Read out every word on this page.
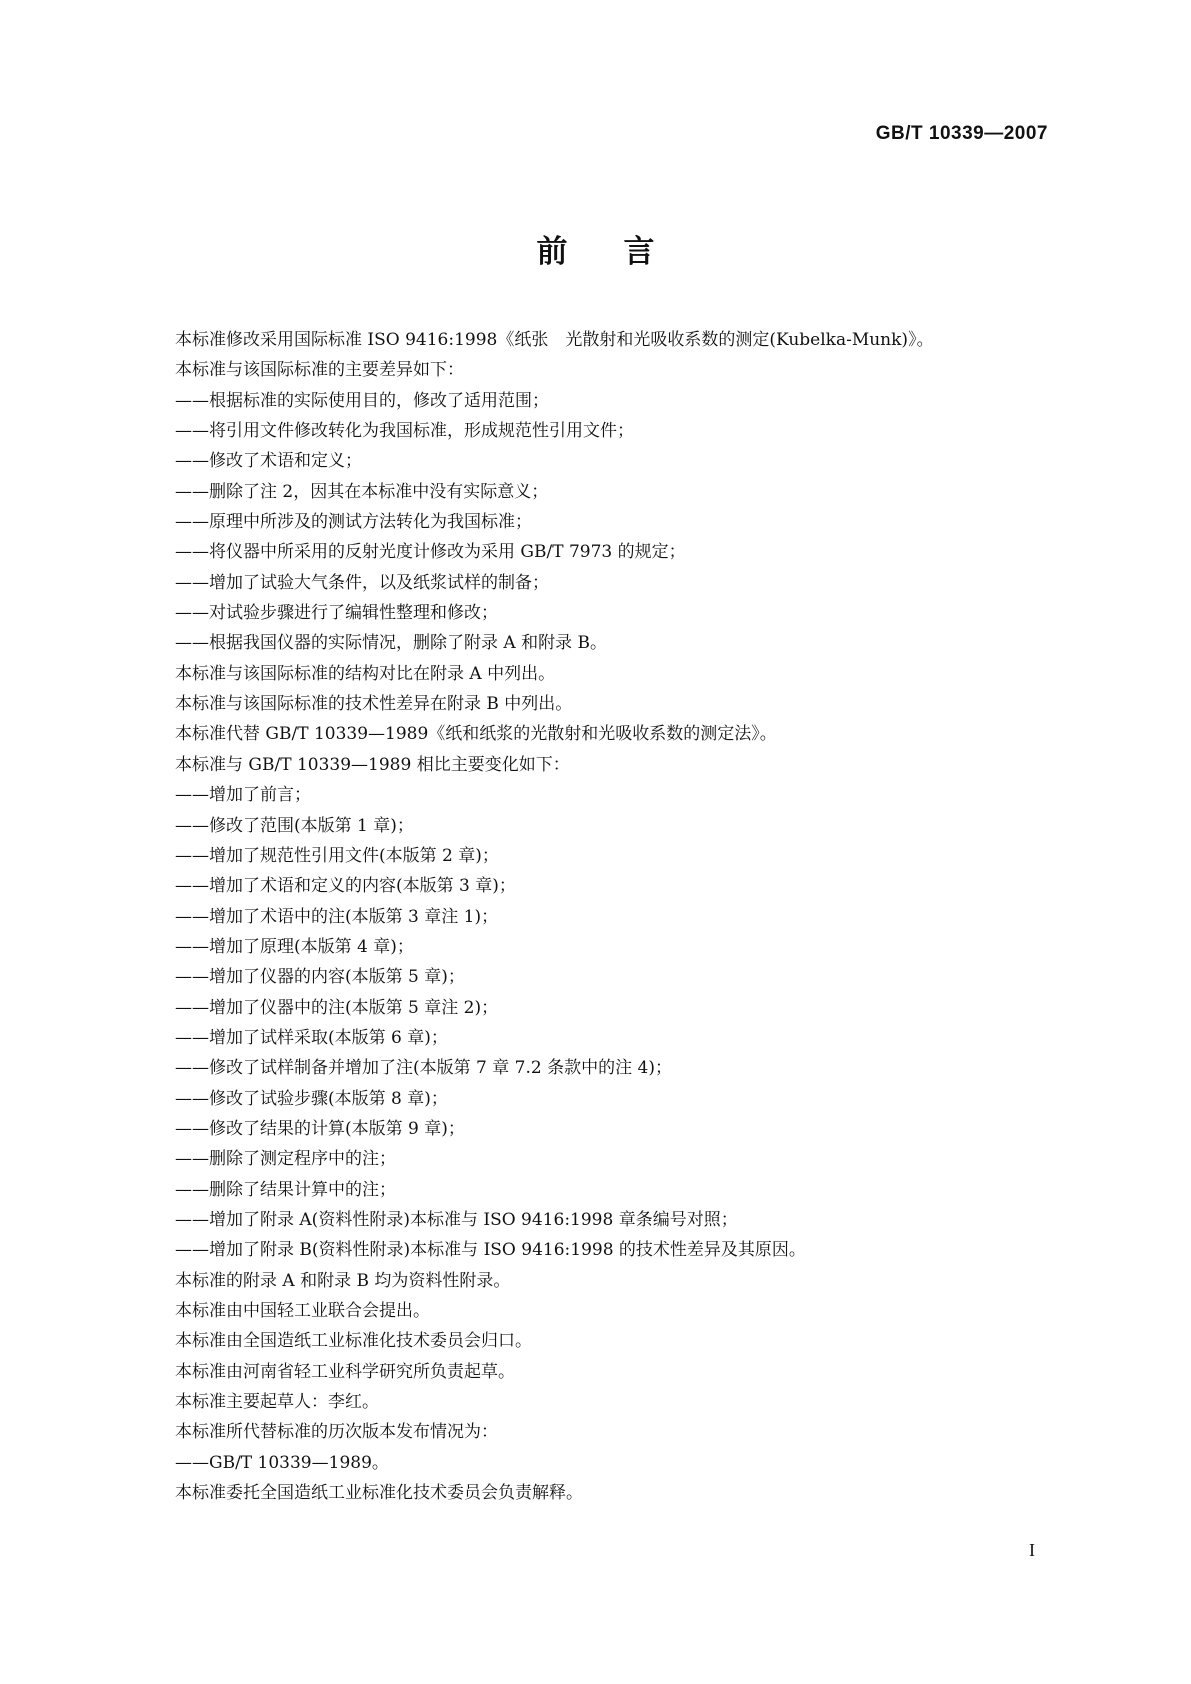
GB/T 10339—2007
前言
本标准修改采用国际标准 ISO 9416:1998《纸张　光散射和光吸收系数的测定(Kubelka-Munk)》。
本标准与该国际标准的主要差异如下：
——根据标准的实际使用目的，修改了适用范围；
——将引用文件修改转化为我国标准，形成规范性引用文件；
——修改了术语和定义；
——删除了注 2，因其在本标准中没有实际意义；
——原理中所涉及的测试方法转化为我国标准；
——将仪器中所采用的反射光度计修改为采用 GB/T 7973 的规定；
——增加了试验大气条件，以及纸浆试样的制备；
——对试验步骤进行了编辑性整理和修改；
——根据我国仪器的实际情况，删除了附录 A 和附录 B。
本标准与该国际标准的结构对比在附录 A 中列出。
本标准与该国际标准的技术性差异在附录 B 中列出。
本标准代替 GB/T 10339—1989《纸和纸浆的光散射和光吸收系数的测定法》。
本标准与 GB/T 10339—1989 相比主要变化如下：
——增加了前言；
——修改了范围(本版第 1 章)；
——增加了规范性引用文件(本版第 2 章)；
——增加了术语和定义的内容(本版第 3 章)；
——增加了术语中的注(本版第 3 章注 1)；
——增加了原理(本版第 4 章)；
——增加了仪器的内容(本版第 5 章)；
——增加了仪器中的注(本版第 5 章注 2)；
——增加了试样采取(本版第 6 章)；
——修改了试样制备并增加了注(本版第 7 章 7.2 条款中的注 4)；
——修改了试验步骤(本版第 8 章)；
——修改了结果的计算(本版第 9 章)；
——删除了测定程序中的注；
——删除了结果计算中的注；
——增加了附录 A(资料性附录)本标准与 ISO 9416:1998 章条编号对照；
——增加了附录 B(资料性附录)本标准与 ISO 9416:1998 的技术性差异及其原因。
本标准的附录 A 和附录 B 均为资料性附录。
本标准由中国轻工业联合会提出。
本标准由全国造纸工业标准化技术委员会归口。
本标准由河南省轻工业科学研究所负责起草。
本标准主要起草人：李红。
本标准所代替标准的历次版本发布情况为：
——GB/T 10339—1989。
本标准委托全国造纸工业标准化技术委员会负责解释。
I
